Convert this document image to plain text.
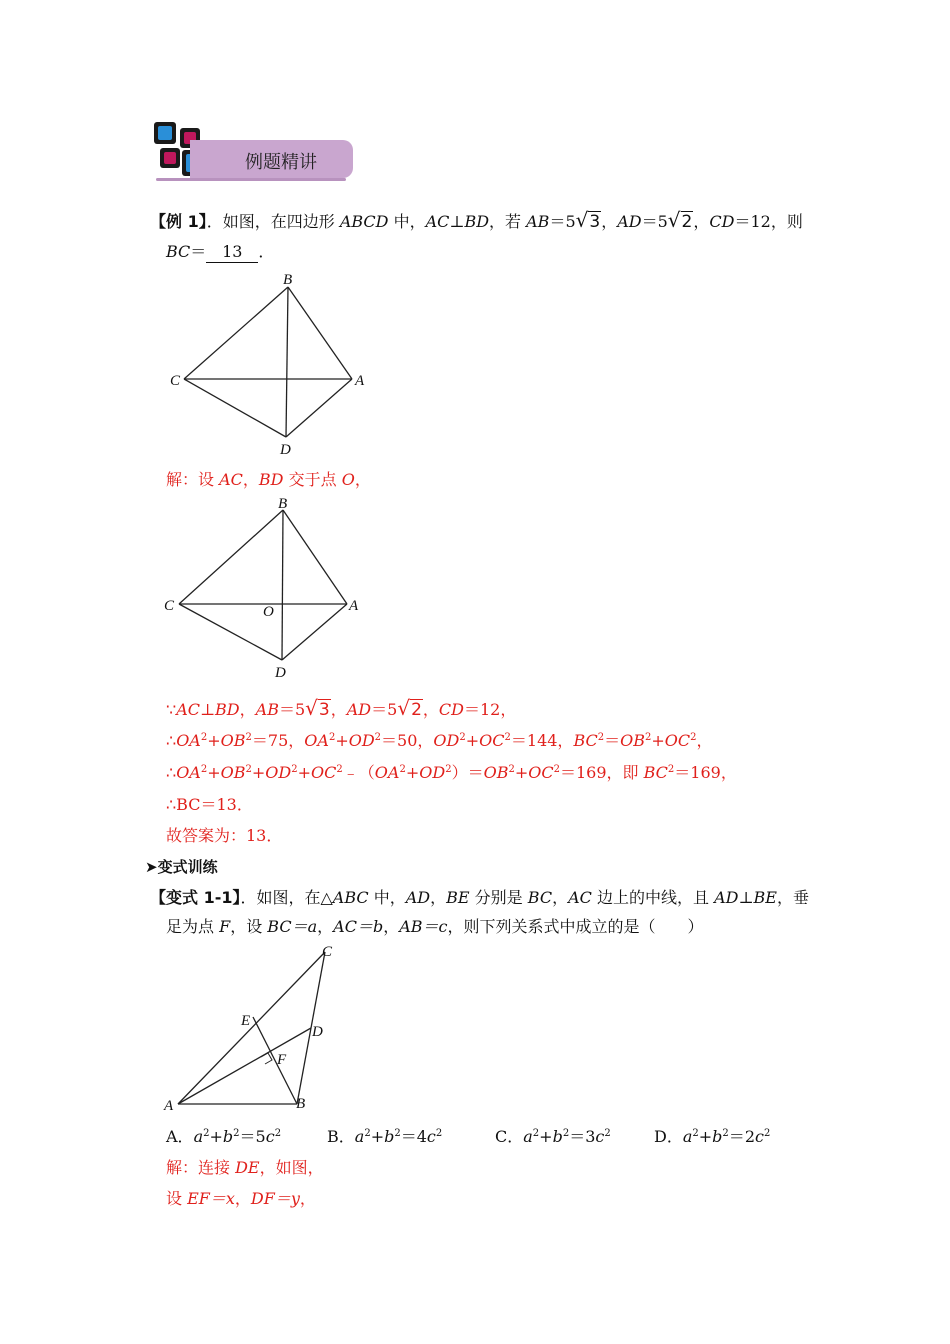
例题精讲
【例 1】．如图，在四边形 ABCD 中，AC⊥BD，若 AB＝5√3，AD＝5√2，CD＝12，则
BC＝ 13 ．
B
C	A
D
解：设 AC，BD 交于点 O，
B
C	A
D
O
∵AC⊥BD，AB＝5√3，AD＝5√2，CD＝12，
$\therefore OA^2+OB^2=75$，$OA^2+OD^2=50$，$OD^2+OC^2=144$，$BC^2=OB^2+OC^2$，
$\therefore OA^2+OB^2+OD^2+OC^2﹣(OA^2+OD^2)=OB^2+OC^2=169$，即 $BC^2=169$，
∴BC＝13．
故答案为：13．
➤变式训练
【变式 1-1】．如图，在△ABC 中，AD，BE 分别是 BC，AC 边上的中线，且 AD⊥BE，垂
足为点 F，设 BC＝a，AC＝b，AB＝c，则下列关系式中成立的是（　　）
C
E
D
F
A	B
A．$a^2+b^2=5c^2$	B．$a^2+b^2=4c^2$	C．$a^2+b^2=3c^2$	D．$a^2+b^2=2c^2$
解：连接 DE，如图，
设 EF＝x，DF＝y，
